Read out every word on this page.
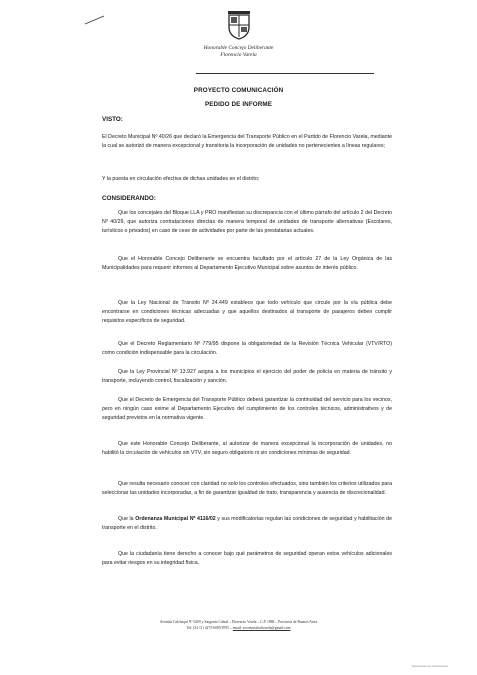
Honorable Concejo Deliberante
Florencio Varela
PROYECTO COMUNICACIÓN
PEDIDO DE INFORME
VISTO:
El Decreto Municipal Nº 40/26 que declaró la Emergencia del Transporte Público en el Partido de Florencio Varela, mediante la cual se autorizó de manera excepcional y transitoria la incorporación de unidades no pertenecientes a líneas regulares;
Y la puesta en circulación efectiva de dichas unidades en el distrito;
CONSIDERANDO:
Que los concejales del Bloque LLA y PRO manifiestan su discrepancia con el último párrafo del artículo 2 del Decreto Nº 40/29, que autoriza contrataciones directas de manera temporal de unidades de transporte alternativas (Escolares, turísticos o privados) en caso de cese de actividades por parte de las prestatarias actuales.
Que el Honorable Concejo Deliberante se encuentra facultado por el artículo 27 de la Ley Orgánica de las Municipalidades para requerir informes al Departamento Ejecutivo Municipal sobre asuntos de interés público.
Que la Ley Nacional de Tránsito Nº 24.449 establece que todo vehículo que circule por la vía pública debe encontrarse en condiciones técnicas adecuadas y que aquellos destinados al transporte de pasajeros deben cumplir requisitos específicos de seguridad.
Que el Decreto Reglamentario Nº 779/95 dispone la obligatoriedad de la Revisión Técnica Vehicular (VTV/RTO) como condición indispensable para la circulación.
Que la Ley Provincial Nº 13.927 asigna a los municipios el ejercicio del poder de policía en materia de tránsito y transporte, incluyendo control, fiscalización y sanción.
Que el Decreto de Emergencia del Transporte Público deberá garantizar la continuidad del servicio para los vecinos, pero en ningún caso exime al Departamento Ejecutivo del cumplimiento de los controles técnicos, administrativos y de seguridad previstos en la normativa vigente.
Que este Honorable Concejo Deliberante, al autorizar de manera excepcional la incorporación de unidades, no habilitó la circulación de vehículos sin VTV, sin seguro obligatorio ni sin condiciones mínimas de seguridad.
Que resulta necesario conocer con claridad no solo los controles efectuados, sino también los criterios utilizados para seleccionar las unidades incorporadas, a fin de garantizar igualdad de trato, transparencia y ausencia de discrecionalidad.
Que la Ordenanza Municipal Nº 4116/02 y sus modificatorias regulan las condiciones de seguridad y habilitación de transporte en el distrito.
Que la ciudadanía tiene derecho a conocer bajo qué parámetros de seguridad operan estos vehículos adicionales para evitar riesgos en su integridad física.
Avenida Calchaquí Nº 6200 y Sargento Cabral – Florencio Varela – C.P. 1888 – Provincia de Buenos Aires
Tel: (54 11) 4275-6085/8705 – email: secretariahcdvarela@gmail.com
Escaneado con CamScanner
